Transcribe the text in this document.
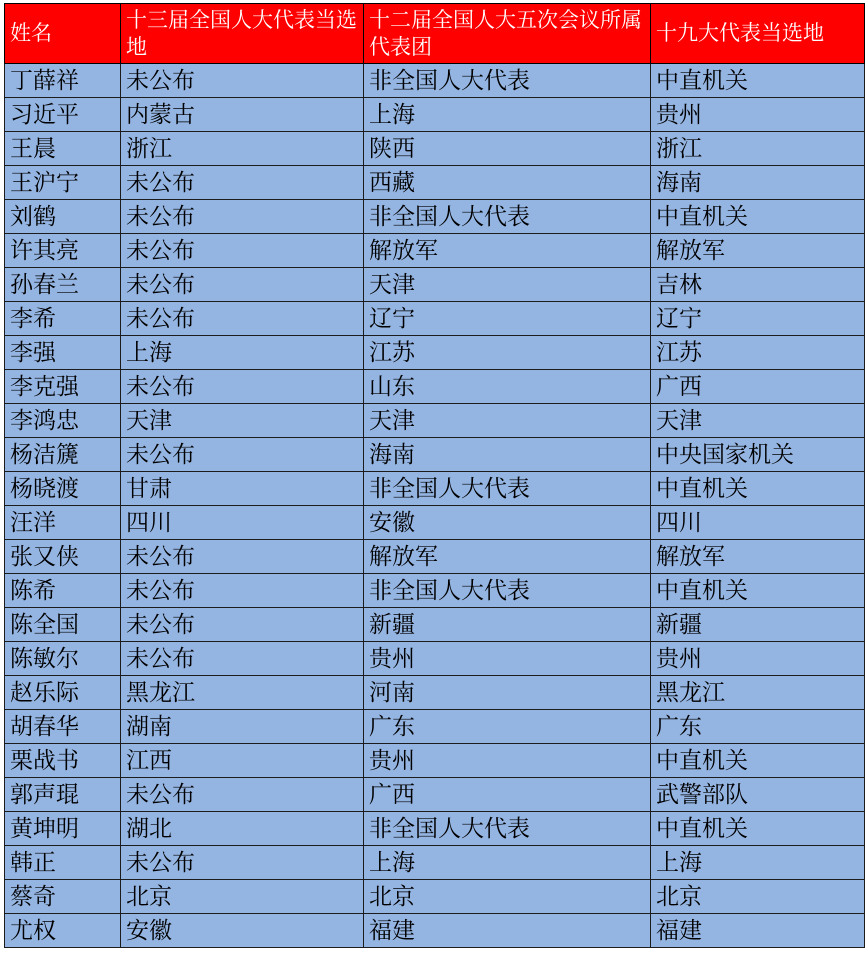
姓名	十三届全国人大代表当选地	十二届全国人大五次会议所属代表团	十九大代表当选地
丁薛祥	未公布	非全国人大代表	中直机关
习近平	内蒙古	上海	贵州
王晨	浙江	陕西	浙江
王沪宁	未公布	西藏	海南
刘鹤	未公布	非全国人大代表	中直机关
许其亮	未公布	解放军	解放军
孙春兰	未公布	天津	吉林
李希	未公布	辽宁	辽宁
李强	上海	江苏	江苏
李克强	未公布	山东	广西
李鸿忠	天津	天津	天津
杨洁篪	未公布	海南	中央国家机关
杨晓渡	甘肃	非全国人大代表	中直机关
汪洋	四川	安徽	四川
张又侠	未公布	解放军	解放军
陈希	未公布	非全国人大代表	中直机关
陈全国	未公布	新疆	新疆
陈敏尔	未公布	贵州	贵州
赵乐际	黑龙江	河南	黑龙江
胡春华	湖南	广东	广东
栗战书	江西	贵州	中直机关
郭声琨	未公布	广西	武警部队
黄坤明	湖北	非全国人大代表	中直机关
韩正	未公布	上海	上海
蔡奇	北京	北京	北京
尤权	安徽	福建	福建
